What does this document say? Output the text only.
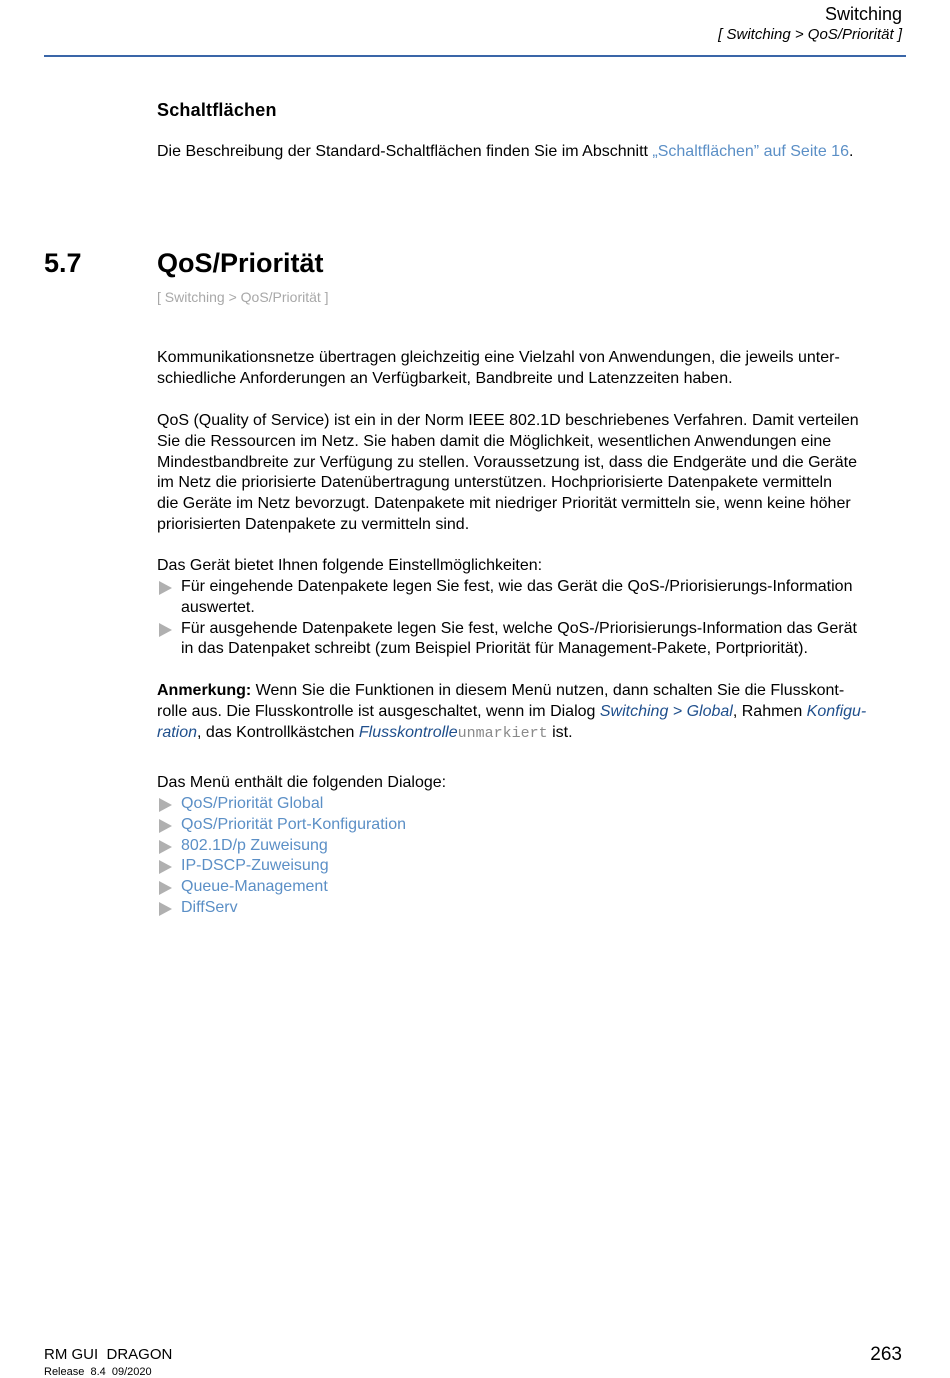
Switching
[ Switching > QoS/Priorität ]
Schaltflächen
Die Beschreibung der Standard-Schaltflächen finden Sie im Abschnitt „Schaltflächen” auf Seite 16.
5.7	QoS/Priorität
[ Switching > QoS/Priorität ]
Kommunikationsnetze übertragen gleichzeitig eine Vielzahl von Anwendungen, die jeweils unter-
schiedliche Anforderungen an Verfügbarkeit, Bandbreite und Latenzzeiten haben.
QoS (Quality of Service) ist ein in der Norm IEEE 802.1D beschriebenes Verfahren. Damit verteilen
Sie die Ressourcen im Netz. Sie haben damit die Möglichkeit, wesentlichen Anwendungen eine
Mindestbandbreite zur Verfügung zu stellen. Voraussetzung ist, dass die Endgeräte und die Geräte
im Netz die priorisierte Datenübertragung unterstützen. Hochpriorisierte Datenpakete vermitteln
die Geräte im Netz bevorzugt. Datenpakete mit niedriger Priorität vermitteln sie, wenn keine höher
priorisierten Datenpakete zu vermitteln sind.
Das Gerät bietet Ihnen folgende Einstellmöglichkeiten:
Für eingehende Datenpakete legen Sie fest, wie das Gerät die QoS-/Priorisierungs-Information
auswertet.
Für ausgehende Datenpakete legen Sie fest, welche QoS-/Priorisierungs-Information das Gerät
in das Datenpaket schreibt (zum Beispiel Priorität für Management-Pakete, Portpriorität).
Anmerkung: Wenn Sie die Funktionen in diesem Menü nutzen, dann schalten Sie die Flusskont-
rolle aus. Die Flusskontrolle ist ausgeschaltet, wenn im Dialog Switching > Global, Rahmen Konfigu-
ration, das Kontrollkästchen Flusskontrolleunmarkiert ist.
Das Menü enthält die folgenden Dialoge:
QoS/Priorität Global
QoS/Priorität Port-Konfiguration
802.1D/p Zuweisung
IP-DSCP-Zuweisung
Queue-Management
DiffServ
RM GUI  DRAGON
Release  8.4  09/2020
263
